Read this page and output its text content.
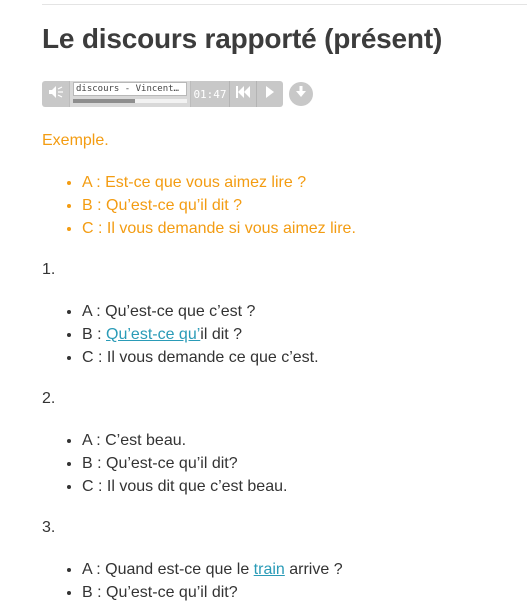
Le discours rapporté (présent)
discours - Vincent…	01:47

Exemple.

• A : Est-ce que vous aimez lire ?
• B : Qu’est-ce qu’il dit ?
• C : Il vous demande si vous aimez lire.

1.

• A : Qu’est-ce que c’est ?
• B : Qu’est-ce qu’il dit ?
• C : Il vous demande ce que c’est.

2.

• A : C’est beau.
• B : Qu’est-ce qu’il dit?
• C : Il vous dit que c’est beau.

3.

• A : Quand est-ce que le train arrive ?
• B : Qu’est-ce qu’il dit?
